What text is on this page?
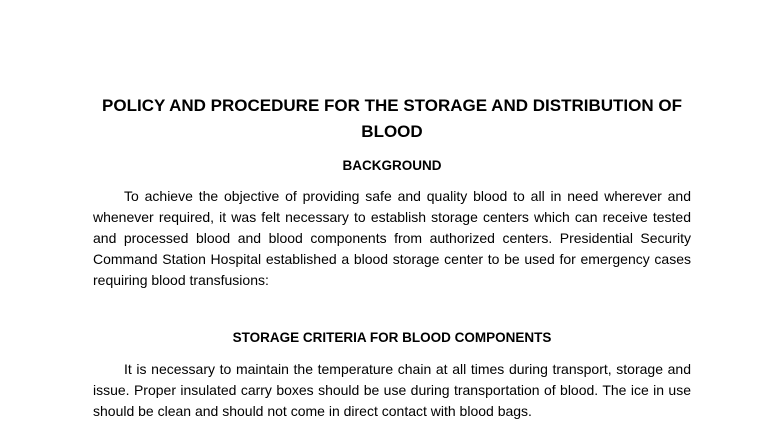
POLICY AND PROCEDURE FOR THE STORAGE AND DISTRIBUTION OF BLOOD
BACKGROUND

To achieve the objective of providing safe and quality blood to all in need wherever and whenever required, it was felt necessary to establish storage centers which can receive tested and processed blood and blood components from authorized centers. Presidential Security Command Station Hospital established a blood storage center to be used for emergency cases requiring blood transfusions:

STORAGE CRITERIA FOR BLOOD COMPONENTS

It is necessary to maintain the temperature chain at all times during transport, storage and issue. Proper insulated carry boxes should be use during transportation of blood. The ice in use should be clean and should not come in direct contact with blood bags.
